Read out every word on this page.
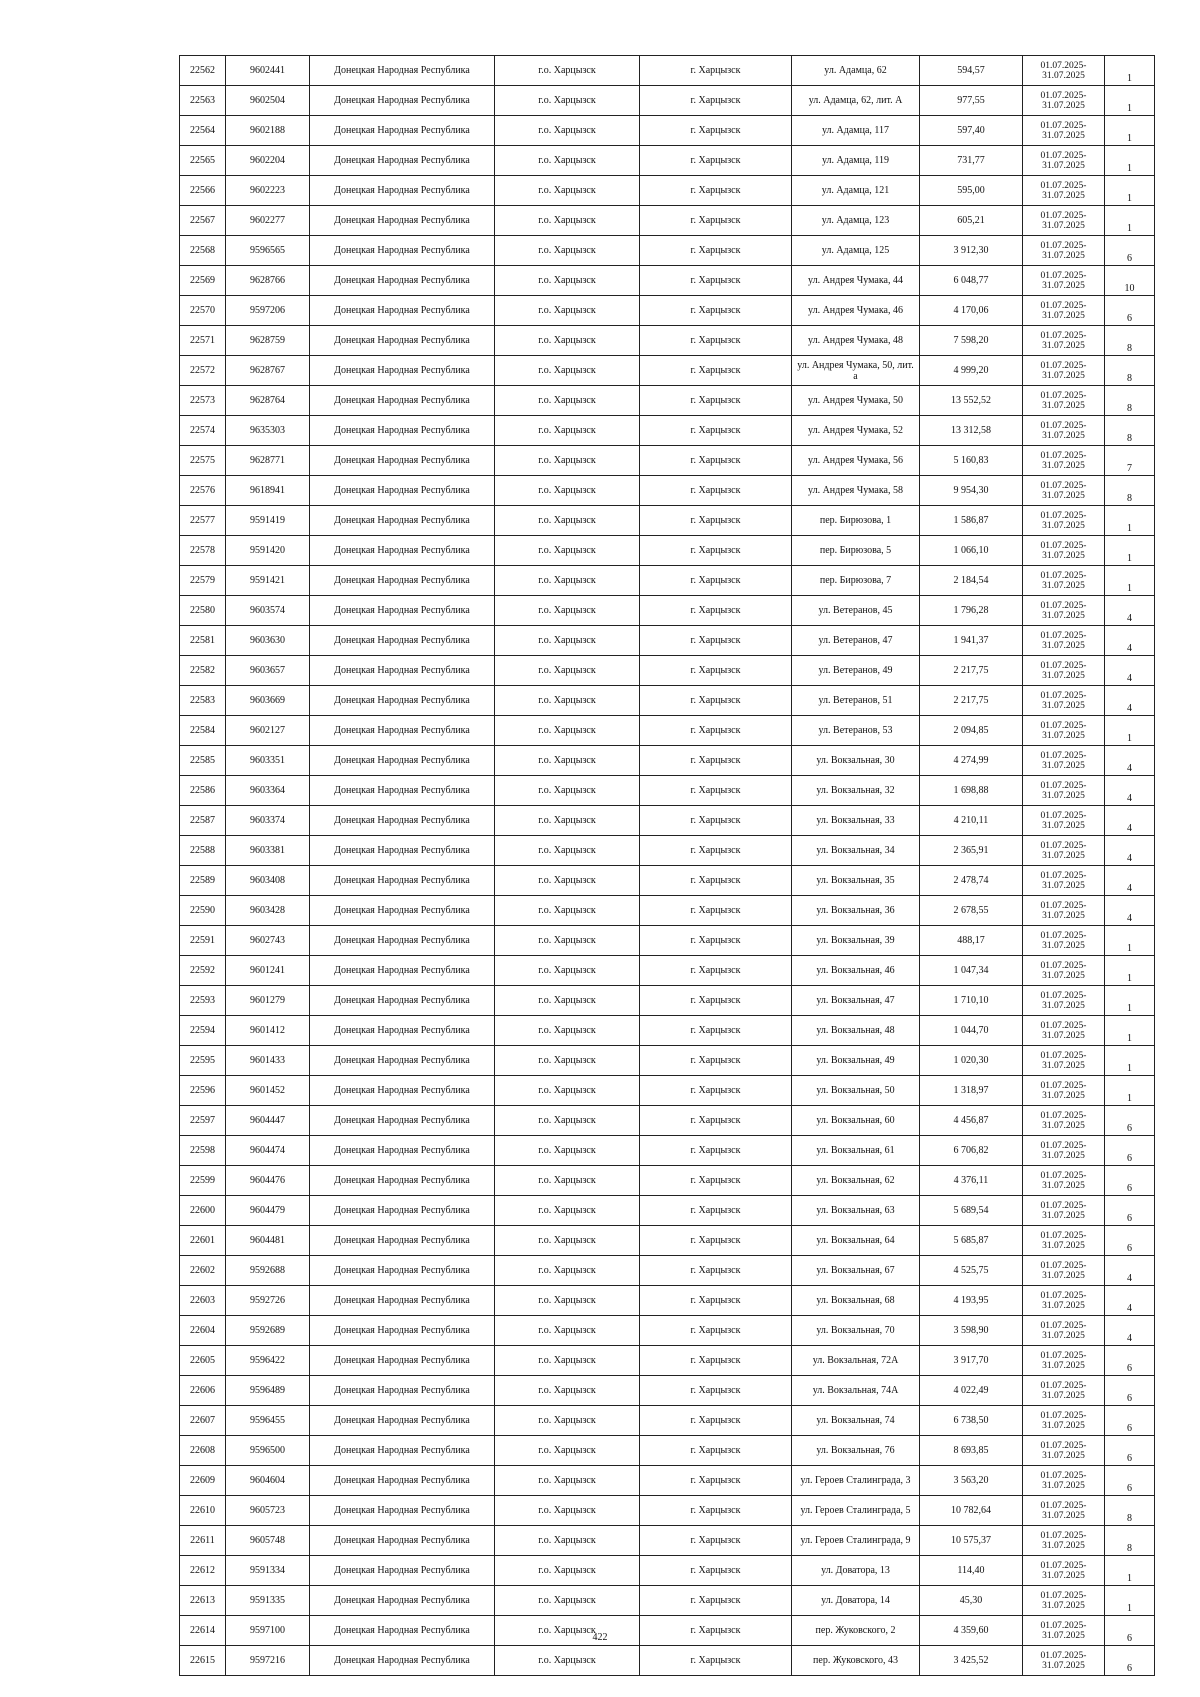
22562	9602441	Донецкая Народная Республика	г.о. Харцызск	г. Харцызск	ул. Адамца, 62	594,57	01.07.2025-31.07.2025	1
22563	9602504	Донецкая Народная Республика	г.о. Харцызск	г. Харцызск	ул. Адамца, 62, лит. А	977,55	01.07.2025-31.07.2025	1
22564	9602188	Донецкая Народная Республика	г.о. Харцызск	г. Харцызск	ул. Адамца, 117	597,40	01.07.2025-31.07.2025	1
22565	9602204	Донецкая Народная Республика	г.о. Харцызск	г. Харцызск	ул. Адамца, 119	731,77	01.07.2025-31.07.2025	1
22566	9602223	Донецкая Народная Республика	г.о. Харцызск	г. Харцызск	ул. Адамца, 121	595,00	01.07.2025-31.07.2025	1
22567	9602277	Донецкая Народная Республика	г.о. Харцызск	г. Харцызск	ул. Адамца, 123	605,21	01.07.2025-31.07.2025	1
22568	9596565	Донецкая Народная Республика	г.о. Харцызск	г. Харцызск	ул. Адамца, 125	3 912,30	01.07.2025-31.07.2025	6
22569	9628766	Донецкая Народная Республика	г.о. Харцызск	г. Харцызск	ул. Андрея Чумака, 44	6 048,77	01.07.2025-31.07.2025	10
22570	9597206	Донецкая Народная Республика	г.о. Харцызск	г. Харцызск	ул. Андрея Чумака, 46	4 170,06	01.07.2025-31.07.2025	6
22571	9628759	Донецкая Народная Республика	г.о. Харцызск	г. Харцызск	ул. Андрея Чумака, 48	7 598,20	01.07.2025-31.07.2025	8
22572	9628767	Донецкая Народная Республика	г.о. Харцызск	г. Харцызск	ул. Андрея Чумака, 50, лит. а	4 999,20	01.07.2025-31.07.2025	8
22573	9628764	Донецкая Народная Республика	г.о. Харцызск	г. Харцызск	ул. Андрея Чумака, 50	13 552,52	01.07.2025-31.07.2025	8
22574	9635303	Донецкая Народная Республика	г.о. Харцызск	г. Харцызск	ул. Андрея Чумака, 52	13 312,58	01.07.2025-31.07.2025	8
22575	9628771	Донецкая Народная Республика	г.о. Харцызск	г. Харцызск	ул. Андрея Чумака, 56	5 160,83	01.07.2025-31.07.2025	7
22576	9618941	Донецкая Народная Республика	г.о. Харцызск	г. Харцызск	ул. Андрея Чумака, 58	9 954,30	01.07.2025-31.07.2025	8
22577	9591419	Донецкая Народная Республика	г.о. Харцызск	г. Харцызск	пер. Бирюзова, 1	1 586,87	01.07.2025-31.07.2025	1
22578	9591420	Донецкая Народная Республика	г.о. Харцызск	г. Харцызск	пер. Бирюзова, 5	1 066,10	01.07.2025-31.07.2025	1
22579	9591421	Донецкая Народная Республика	г.о. Харцызск	г. Харцызск	пер. Бирюзова, 7	2 184,54	01.07.2025-31.07.2025	1
22580	9603574	Донецкая Народная Республика	г.о. Харцызск	г. Харцызск	ул. Ветеранов, 45	1 796,28	01.07.2025-31.07.2025	4
22581	9603630	Донецкая Народная Республика	г.о. Харцызск	г. Харцызск	ул. Ветеранов, 47	1 941,37	01.07.2025-31.07.2025	4
22582	9603657	Донецкая Народная Республика	г.о. Харцызск	г. Харцызск	ул. Ветеранов, 49	2 217,75	01.07.2025-31.07.2025	4
22583	9603669	Донецкая Народная Республика	г.о. Харцызск	г. Харцызск	ул. Ветеранов, 51	2 217,75	01.07.2025-31.07.2025	4
22584	9602127	Донецкая Народная Республика	г.о. Харцызск	г. Харцызск	ул. Ветеранов, 53	2 094,85	01.07.2025-31.07.2025	1
22585	9603351	Донецкая Народная Республика	г.о. Харцызск	г. Харцызск	ул. Вокзальная, 30	4 274,99	01.07.2025-31.07.2025	4
22586	9603364	Донецкая Народная Республика	г.о. Харцызск	г. Харцызск	ул. Вокзальная, 32	1 698,88	01.07.2025-31.07.2025	4
22587	9603374	Донецкая Народная Республика	г.о. Харцызск	г. Харцызск	ул. Вокзальная, 33	4 210,11	01.07.2025-31.07.2025	4
22588	9603381	Донецкая Народная Республика	г.о. Харцызск	г. Харцызск	ул. Вокзальная, 34	2 365,91	01.07.2025-31.07.2025	4
22589	9603408	Донецкая Народная Республика	г.о. Харцызск	г. Харцызск	ул. Вокзальная, 35	2 478,74	01.07.2025-31.07.2025	4
22590	9603428	Донецкая Народная Республика	г.о. Харцызск	г. Харцызск	ул. Вокзальная, 36	2 678,55	01.07.2025-31.07.2025	4
22591	9602743	Донецкая Народная Республика	г.о. Харцызск	г. Харцызск	ул. Вокзальная, 39	488,17	01.07.2025-31.07.2025	1
22592	9601241	Донецкая Народная Республика	г.о. Харцызск	г. Харцызск	ул. Вокзальная, 46	1 047,34	01.07.2025-31.07.2025	1
22593	9601279	Донецкая Народная Республика	г.о. Харцызск	г. Харцызск	ул. Вокзальная, 47	1 710,10	01.07.2025-31.07.2025	1
22594	9601412	Донецкая Народная Республика	г.о. Харцызск	г. Харцызск	ул. Вокзальная, 48	1 044,70	01.07.2025-31.07.2025	1
22595	9601433	Донецкая Народная Республика	г.о. Харцызск	г. Харцызск	ул. Вокзальная, 49	1 020,30	01.07.2025-31.07.2025	1
22596	9601452	Донецкая Народная Республика	г.о. Харцызск	г. Харцызск	ул. Вокзальная, 50	1 318,97	01.07.2025-31.07.2025	1
22597	9604447	Донецкая Народная Республика	г.о. Харцызск	г. Харцызск	ул. Вокзальная, 60	4 456,87	01.07.2025-31.07.2025	6
22598	9604474	Донецкая Народная Республика	г.о. Харцызск	г. Харцызск	ул. Вокзальная, 61	6 706,82	01.07.2025-31.07.2025	6
22599	9604476	Донецкая Народная Республика	г.о. Харцызск	г. Харцызск	ул. Вокзальная, 62	4 376,11	01.07.2025-31.07.2025	6
22600	9604479	Донецкая Народная Республика	г.о. Харцызск	г. Харцызск	ул. Вокзальная, 63	5 689,54	01.07.2025-31.07.2025	6
22601	9604481	Донецкая Народная Республика	г.о. Харцызск	г. Харцызск	ул. Вокзальная, 64	5 685,87	01.07.2025-31.07.2025	6
22602	9592688	Донецкая Народная Республика	г.о. Харцызск	г. Харцызск	ул. Вокзальная, 67	4 525,75	01.07.2025-31.07.2025	4
22603	9592726	Донецкая Народная Республика	г.о. Харцызск	г. Харцызск	ул. Вокзальная, 68	4 193,95	01.07.2025-31.07.2025	4
22604	9592689	Донецкая Народная Республика	г.о. Харцызск	г. Харцызск	ул. Вокзальная, 70	3 598,90	01.07.2025-31.07.2025	4
22605	9596422	Донецкая Народная Республика	г.о. Харцызск	г. Харцызск	ул. Вокзальная, 72А	3 917,70	01.07.2025-31.07.2025	6
22606	9596489	Донецкая Народная Республика	г.о. Харцызск	г. Харцызск	ул. Вокзальная, 74А	4 022,49	01.07.2025-31.07.2025	6
22607	9596455	Донецкая Народная Республика	г.о. Харцызск	г. Харцызск	ул. Вокзальная, 74	6 738,50	01.07.2025-31.07.2025	6
22608	9596500	Донецкая Народная Республика	г.о. Харцызск	г. Харцызск	ул. Вокзальная, 76	8 693,85	01.07.2025-31.07.2025	6
22609	9604604	Донецкая Народная Республика	г.о. Харцызск	г. Харцызск	ул. Героев Сталинграда, 3	3 563,20	01.07.2025-31.07.2025	6
22610	9605723	Донецкая Народная Республика	г.о. Харцызск	г. Харцызск	ул. Героев Сталинграда, 5	10 782,64	01.07.2025-31.07.2025	8
22611	9605748	Донецкая Народная Республика	г.о. Харцызск	г. Харцызск	ул. Героев Сталинграда, 9	10 575,37	01.07.2025-31.07.2025	8
22612	9591334	Донецкая Народная Республика	г.о. Харцызск	г. Харцызск	ул. Доватора, 13	114,40	01.07.2025-31.07.2025	1
22613	9591335	Донецкая Народная Республика	г.о. Харцызск	г. Харцызск	ул. Доватора, 14	45,30	01.07.2025-31.07.2025	1
22614	9597100	Донецкая Народная Республика	г.о. Харцызск	г. Харцызск	пер. Жуковского, 2	4 359,60	01.07.2025-31.07.2025	6
22615	9597216	Донецкая Народная Республика	г.о. Харцызск	г. Харцызск	пер. Жуковского, 43	3 425,52	01.07.2025-31.07.2025	6
422
